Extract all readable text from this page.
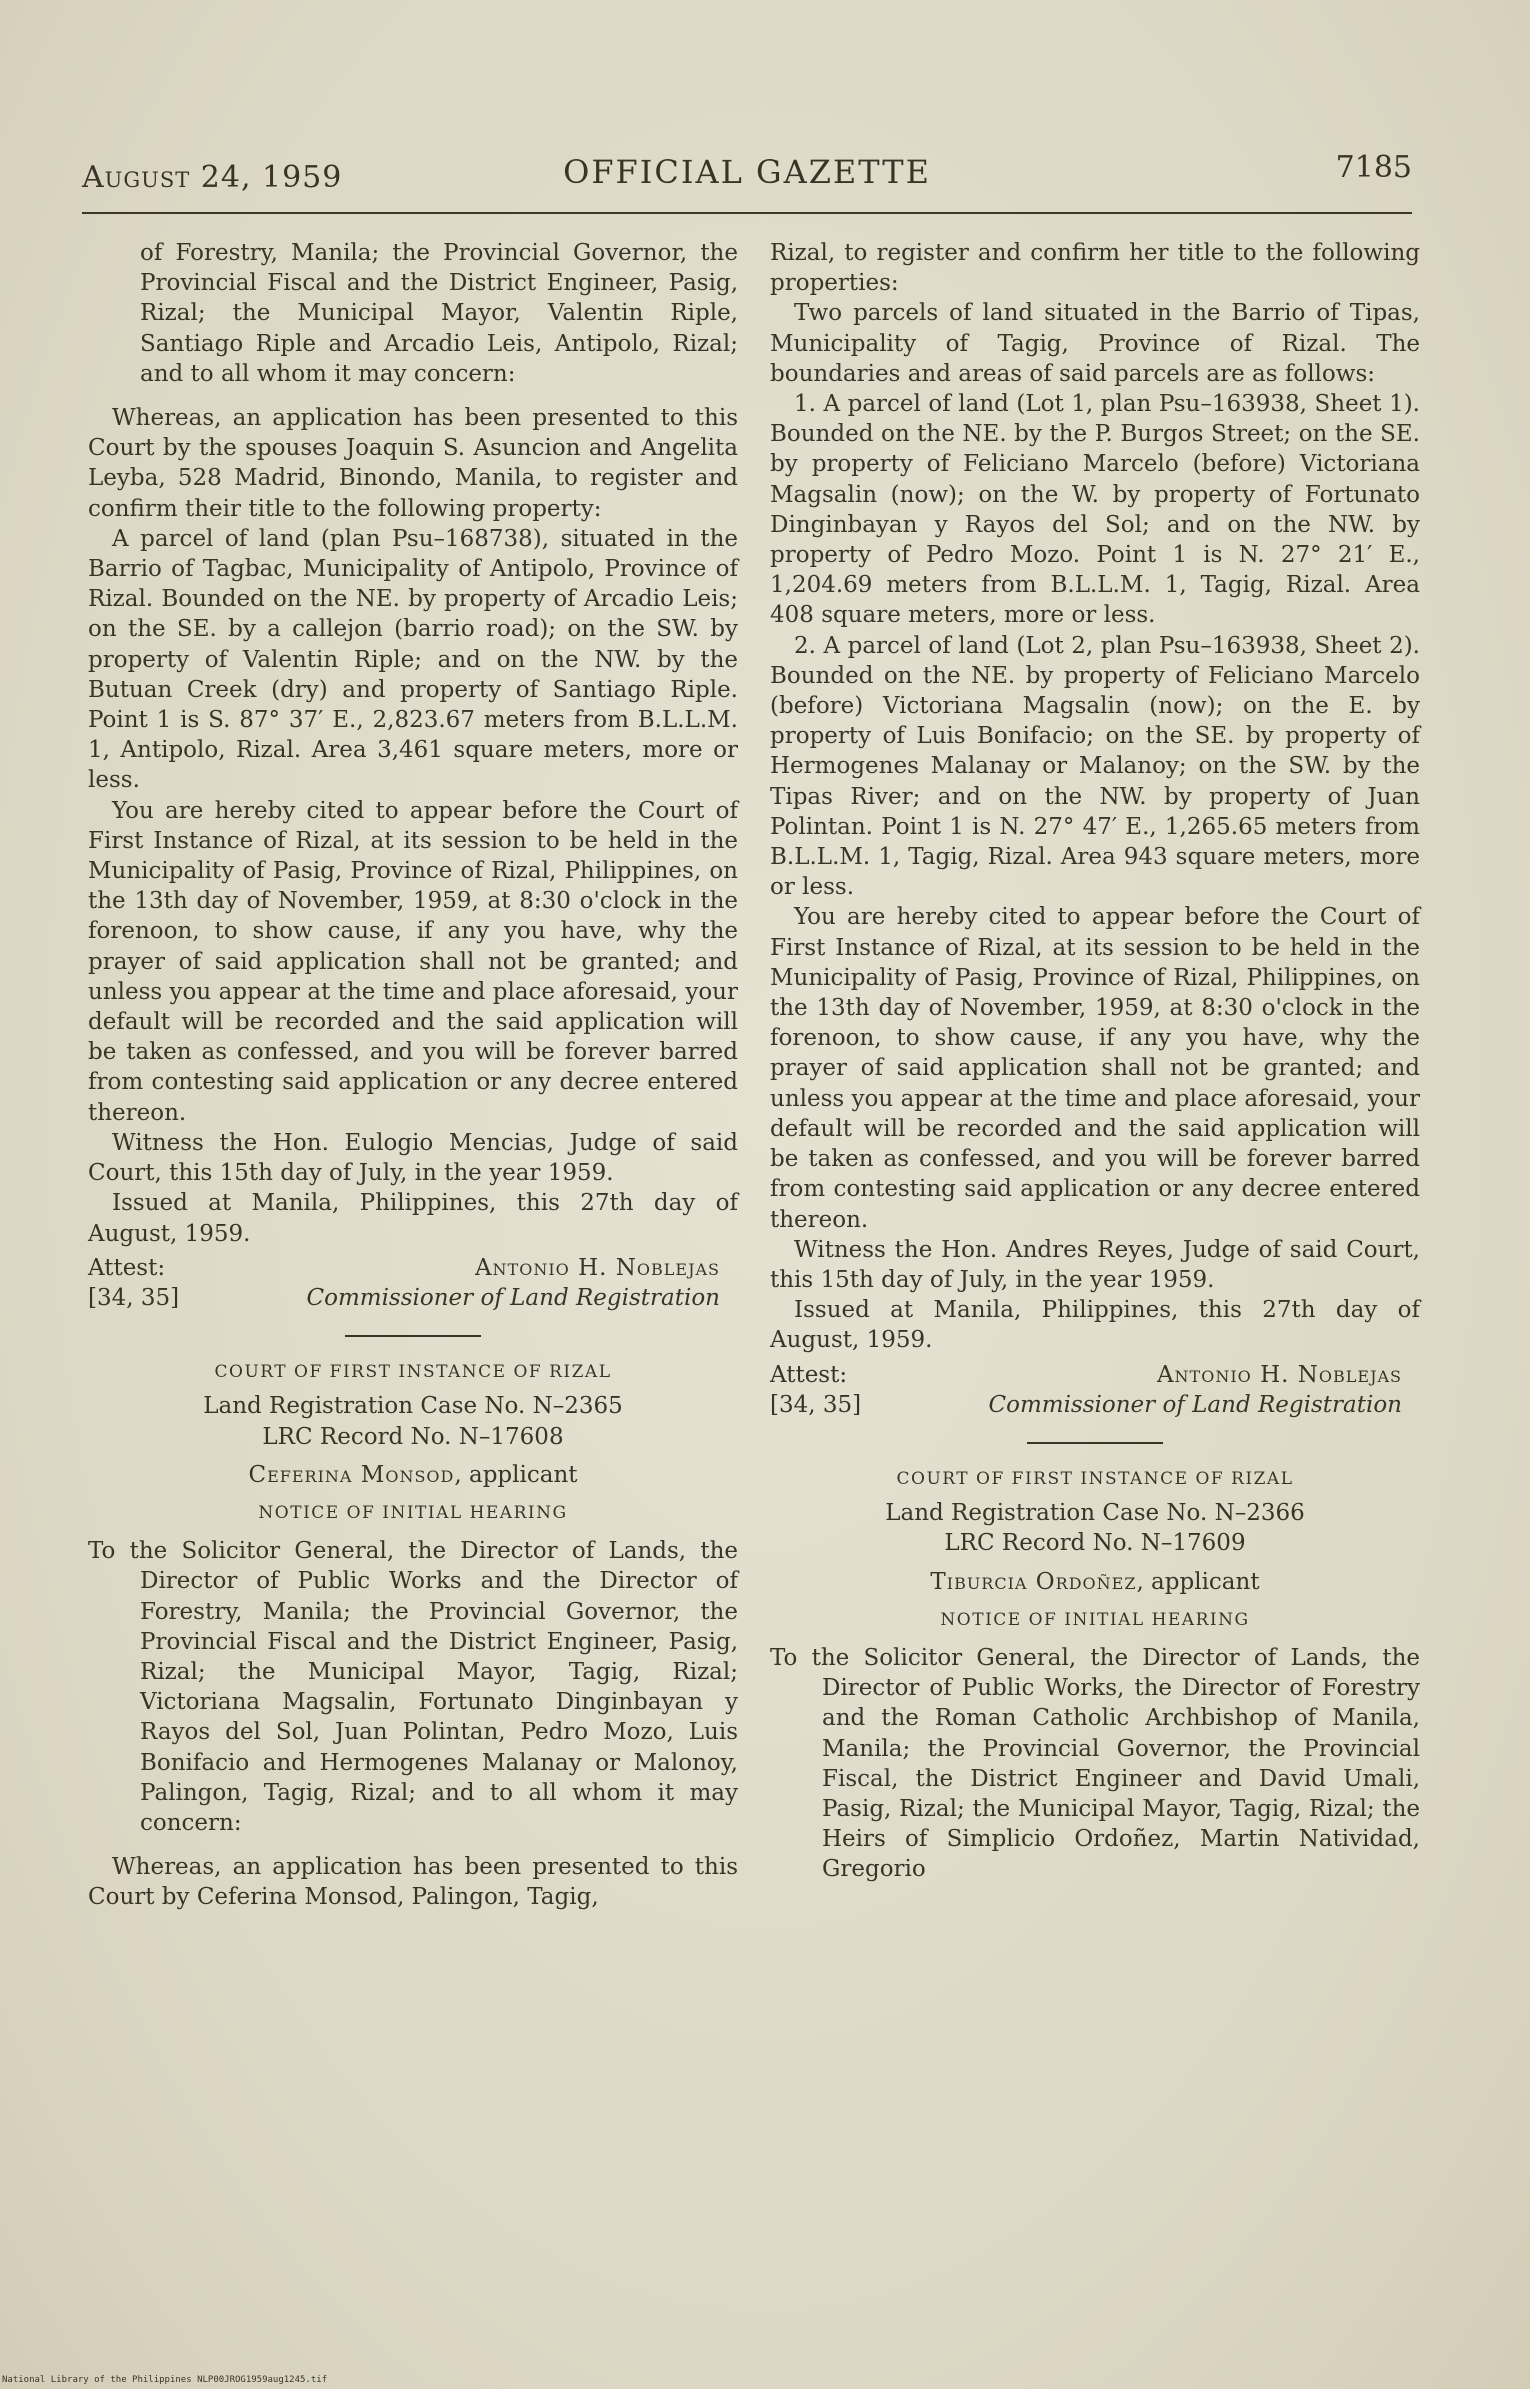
August 24, 1959	OFFICIAL GAZETTE	7185

of Forestry, Manila; the Provincial Governor, the Provincial Fiscal and the District Engineer, Pasig, Rizal; the Municipal Mayor, Valentin Riple, Santiago Riple and Arcadio Leis, Antipolo, Rizal; and to all whom it may concern:

Whereas, an application has been presented to this Court by the spouses Joaquin S. Asuncion and Angelita Leyba, 528 Madrid, Binondo, Manila, to register and confirm their title to the following property:

A parcel of land (plan Psu–168738), situated in the Barrio of Tagbac, Municipality of Antipolo, Province of Rizal. Bounded on the NE. by property of Arcadio Leis; on the SE. by a callejon (barrio road); on the SW. by property of Valentin Riple; and on the NW. by the Butuan Creek (dry) and property of Santiago Riple. Point 1 is S. 87° 37′ E., 2,823.67 meters from B.L.L.M. 1, Antipolo, Rizal. Area 3,461 square meters, more or less.

You are hereby cited to appear before the Court of First Instance of Rizal, at its session to be held in the Municipality of Pasig, Province of Rizal, Philippines, on the 13th day of November, 1959, at 8:30 o'clock in the forenoon, to show cause, if any you have, why the prayer of said application shall not be granted; and unless you appear at the time and place aforesaid, your default will be recorded and the said application will be taken as confessed, and you will be forever barred from contesting said application or any decree entered thereon.

Witness the Hon. Eulogio Mencias, Judge of said Court, this 15th day of July, in the year 1959.

Issued at Manila, Philippines, this 27th day of August, 1959.

Attest:	Antonio H. Noblejas
[34, 35]	Commissioner of Land Registration
COURT OF FIRST INSTANCE OF RIZAL
Land Registration Case No. N–2365
LRC Record No. N–17608
Ceferina Monsod, applicant
NOTICE OF INITIAL HEARING

To the Solicitor General, the Director of Lands, the Director of Public Works and the Director of Forestry, Manila; the Provincial Governor, the Provincial Fiscal and the District Engineer, Pasig, Rizal; the Municipal Mayor, Tagig, Rizal; Victoriana Magsalin, Fortunato Dinginbayan y Rayos del Sol, Juan Polintan, Pedro Mozo, Luis Bonifacio and Hermogenes Malanay or Malonoy, Palingon, Tagig, Rizal; and to all whom it may concern:

Whereas, an application has been presented to this Court by Ceferina Monsod, Palingon, Tagig,

Rizal, to register and confirm her title to the following properties:

Two parcels of land situated in the Barrio of Tipas, Municipality of Tagig, Province of Rizal. The boundaries and areas of said parcels are as follows:

1. A parcel of land (Lot 1, plan Psu–163938, Sheet 1). Bounded on the NE. by the P. Burgos Street; on the SE. by property of Feliciano Marcelo (before) Victoriana Magsalin (now); on the W. by property of Fortunato Dinginbayan y Rayos del Sol; and on the NW. by property of Pedro Mozo. Point 1 is N. 27° 21′ E., 1,204.69 meters from B.L.L.M. 1, Tagig, Rizal. Area 408 square meters, more or less.

2. A parcel of land (Lot 2, plan Psu–163938, Sheet 2). Bounded on the NE. by property of Feliciano Marcelo (before) Victoriana Magsalin (now); on the E. by property of Luis Bonifacio; on the SE. by property of Hermogenes Malanay or Malanoy; on the SW. by the Tipas River; and on the NW. by property of Juan Polintan. Point 1 is N. 27° 47′ E., 1,265.65 meters from B.L.L.M. 1, Tagig, Rizal. Area 943 square meters, more or less.

You are hereby cited to appear before the Court of First Instance of Rizal, at its session to be held in the Municipality of Pasig, Province of Rizal, Philippines, on the 13th day of November, 1959, at 8:30 o'clock in the forenoon, to show cause, if any you have, why the prayer of said application shall not be granted; and unless you appear at the time and place aforesaid, your default will be recorded and the said application will be taken as confessed, and you will be forever barred from contesting said application or any decree entered thereon.

Witness the Hon. Andres Reyes, Judge of said Court, this 15th day of July, in the year 1959.

Issued at Manila, Philippines, this 27th day of August, 1959.

Attest:	Antonio H. Noblejas
[34, 35]	Commissioner of Land Registration
COURT OF FIRST INSTANCE OF RIZAL
Land Registration Case No. N–2366
LRC Record No. N–17609
Tiburcia Ordoñez, applicant
NOTICE OF INITIAL HEARING

To the Solicitor General, the Director of Lands, the Director of Public Works, the Director of Forestry and the Roman Catholic Archbishop of Manila, Manila; the Provincial Governor, the Provincial Fiscal, the District Engineer and David Umali, Pasig, Rizal; the Municipal Mayor, Tagig, Rizal; the Heirs of Simplicio Ordoñez, Martin Natividad, Gregorio

National Library of the Philippines NLP00JROG1959aug1245.tif
